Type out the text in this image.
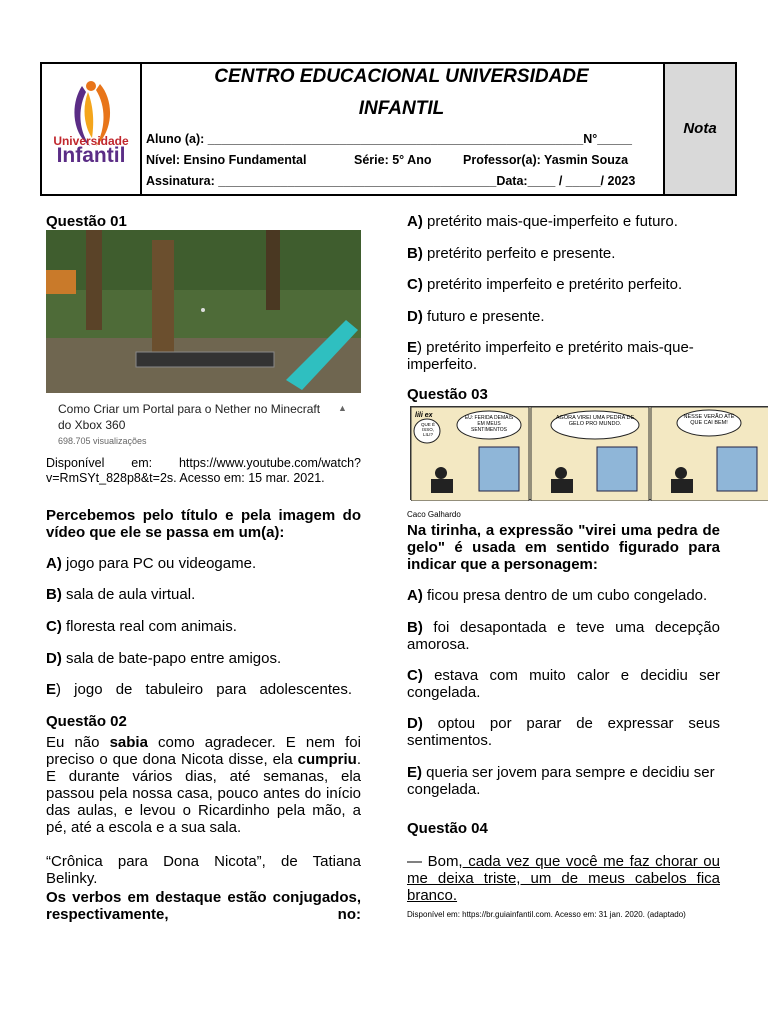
Universidade
Infantil
CENTRO EDUCACIONAL UNIVERSIDADE
INFANTIL
Aluno (a): ______________________________________________________N°_____
Nível: Ensino Fundamental	Série: 5° Ano	Professor(a): Yasmin Souza
Assinatura: ________________________________________Data:____ / _____/ 2023
Nota
Questão 01
Como Criar um Portal para o Nether no Minecraft do Xbox 360
698.705 visualizações
▲
Disponível em: https://www.youtube.com/watch?v=RmSYt_828p8&t=2s. Acesso em: 15 mar. 2021.
Percebemos pelo título e pela imagem do vídeo que ele se passa em um(a):
A) jogo para PC ou videogame.
B) sala de aula virtual.
C) floresta real com animais.
D) sala de bate-papo entre amigos.
E) jogo de tabuleiro para adolescentes.
Questão 02
Eu não sabia como agradecer. E nem foi preciso o que dona Nicota disse, ela cumpriu. E durante vários dias, até semanas, ela passou pela nossa casa, pouco antes do início das aulas, e levou o Ricardinho pela mão, a pé, até a escola e a sua sala.
“Crônica para Dona Nicota”, de Tatiana Belinky.
Os verbos em destaque estão conjugados, respectivamente, no:
A) pretérito mais-que-imperfeito e futuro.
B) pretérito perfeito e presente.
C) pretérito imperfeito e pretérito perfeito.
D) futuro e presente.
E) pretérito imperfeito e pretérito mais-que-imperfeito.
Questão 03
lili ex
QUE É ISSO, LILI?
EU: FERIDA DEMAIS EM MEUS SENTIMENTOS
AGORA VIREI UMA PEDRA DE GELO PRO MUNDO.
NESSE VERÃO ATÉ QUE CAI BEM!
Caco Galhardo
Na tirinha, a expressão "virei uma pedra de gelo" é usada em sentido figurado para indicar que a personagem:
A) ficou presa dentro de um cubo congelado.
B) foi desapontada e teve uma decepção amorosa.
C) estava com muito calor e decidiu ser congelada.
D) optou por parar de expressar seus sentimentos.
E) queria ser jovem para sempre e decidiu ser congelada.
Questão 04
— Bom, cada vez que você me faz chorar ou me deixa triste, um de meus cabelos fica branco.
Disponível em: https://br.guiainfantil.com. Acesso em: 31 jan. 2020. (adaptado)
